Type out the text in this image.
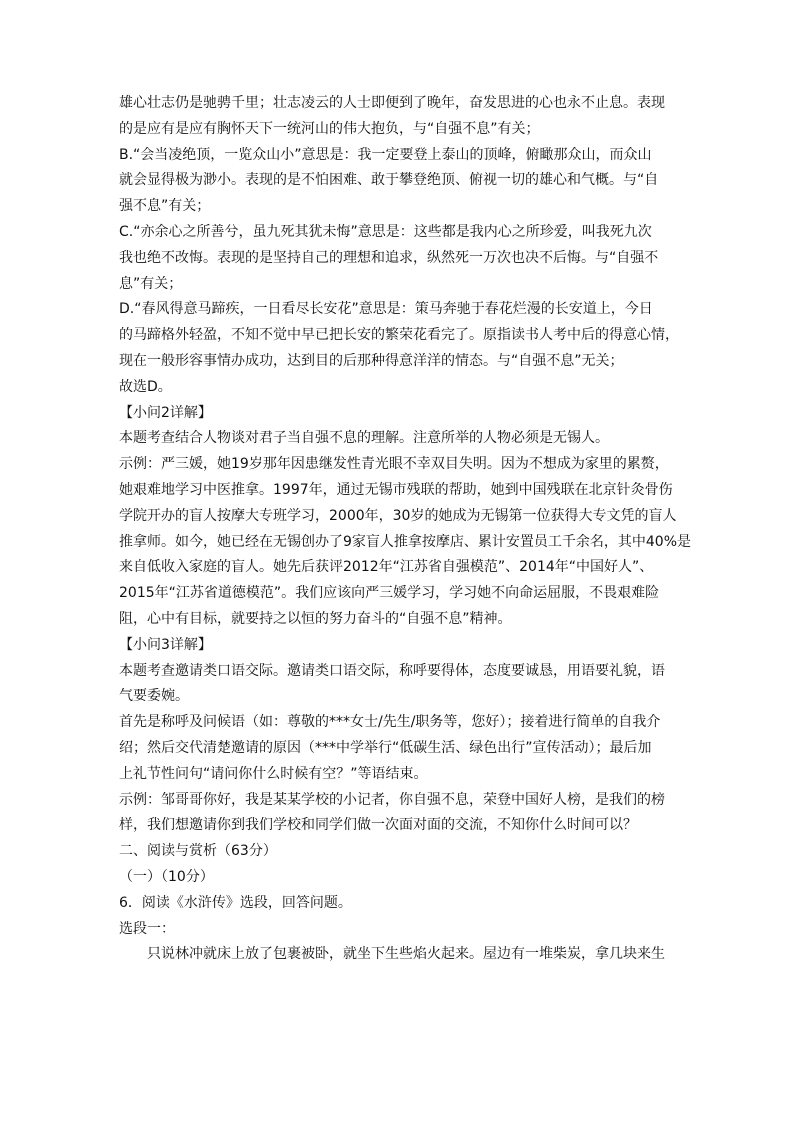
雄心壮志仍是驰骋千里；壮志凌云的人士即便到了晚年，奋发思进的心也永不止息。表现
的是应有是应有胸怀天下一统河山的伟大抱负，与“自强不息”有关；
B.“会当凌绝顶，一览众山小”意思是：我一定要登上泰山的顶峰，俯瞰那众山，而众山
就会显得极为渺小。表现的是不怕困难、敢于攀登绝顶、俯视一切的雄心和气概。与“自
强不息”有关；
C.“亦余心之所善兮，虽九死其犹未悔”意思是：这些都是我内心之所珍爱，叫我死九次
我也绝不改悔。表现的是坚持自己的理想和追求，纵然死一万次也决不后悔。与“自强不
息”有关；
D.“春风得意马蹄疾，一日看尽长安花”意思是：策马奔驰于春花烂漫的长安道上，今日
的马蹄格外轻盈，不知不觉中早已把长安的繁荣花看完了。原指读书人考中后的得意心情，
现在一般形容事情办成功，达到目的后那种得意洋洋的情态。与“自强不息”无关；
故选D。
【小问2详解】
本题考查结合人物谈对君子当自强不息的理解。注意所举的人物必须是无锡人。
示例：严三媛，她19岁那年因患继发性青光眼不幸双目失明。因为不想成为家里的累赘，
她艰难地学习中医推拿。1997年，通过无锡市残联的帮助，她到中国残联在北京针灸骨伤
学院开办的盲人按摩大专班学习，2000年，30岁的她成为无锡第一位获得大专文凭的盲人
推拿师。如今，她已经在无锡创办了9家盲人推拿按摩店、累计安置员工千余名，其中40%是
来自低收入家庭的盲人。她先后获评2012年“江苏省自强模范”、2014年“中国好人”、
2015年“江苏省道德模范”。我们应该向严三媛学习，学习她不向命运屈服，不畏艰难险
阻，心中有目标，就要持之以恒的努力奋斗的“自强不息”精神。
【小问3详解】
本题考查邀请类口语交际。邀请类口语交际，称呼要得体，态度要诚恳，用语要礼貌，语
气要委婉。
首先是称呼及问候语（如：尊敬的***女士/先生/职务等，您好）；接着进行简单的自我介
绍；然后交代清楚邀请的原因（***中学举行“低碳生活、绿色出行”宣传活动）；最后加
上礼节性问句“请问你什么时候有空？”等语结束。
示例：邹哥哥你好，我是某某学校的小记者，你自强不息，荣登中国好人榜，是我们的榜
样，我们想邀请你到我们学校和同学们做一次面对面的交流，不知你什么时间可以？
二、阅读与赏析（63分）
（一）（10分）
6．阅读《水浒传》选段，回答问题。
选段一：
只说林冲就床上放了包裹被卧，就坐下生些焰火起来。屋边有一堆柴炭，拿几块来生
